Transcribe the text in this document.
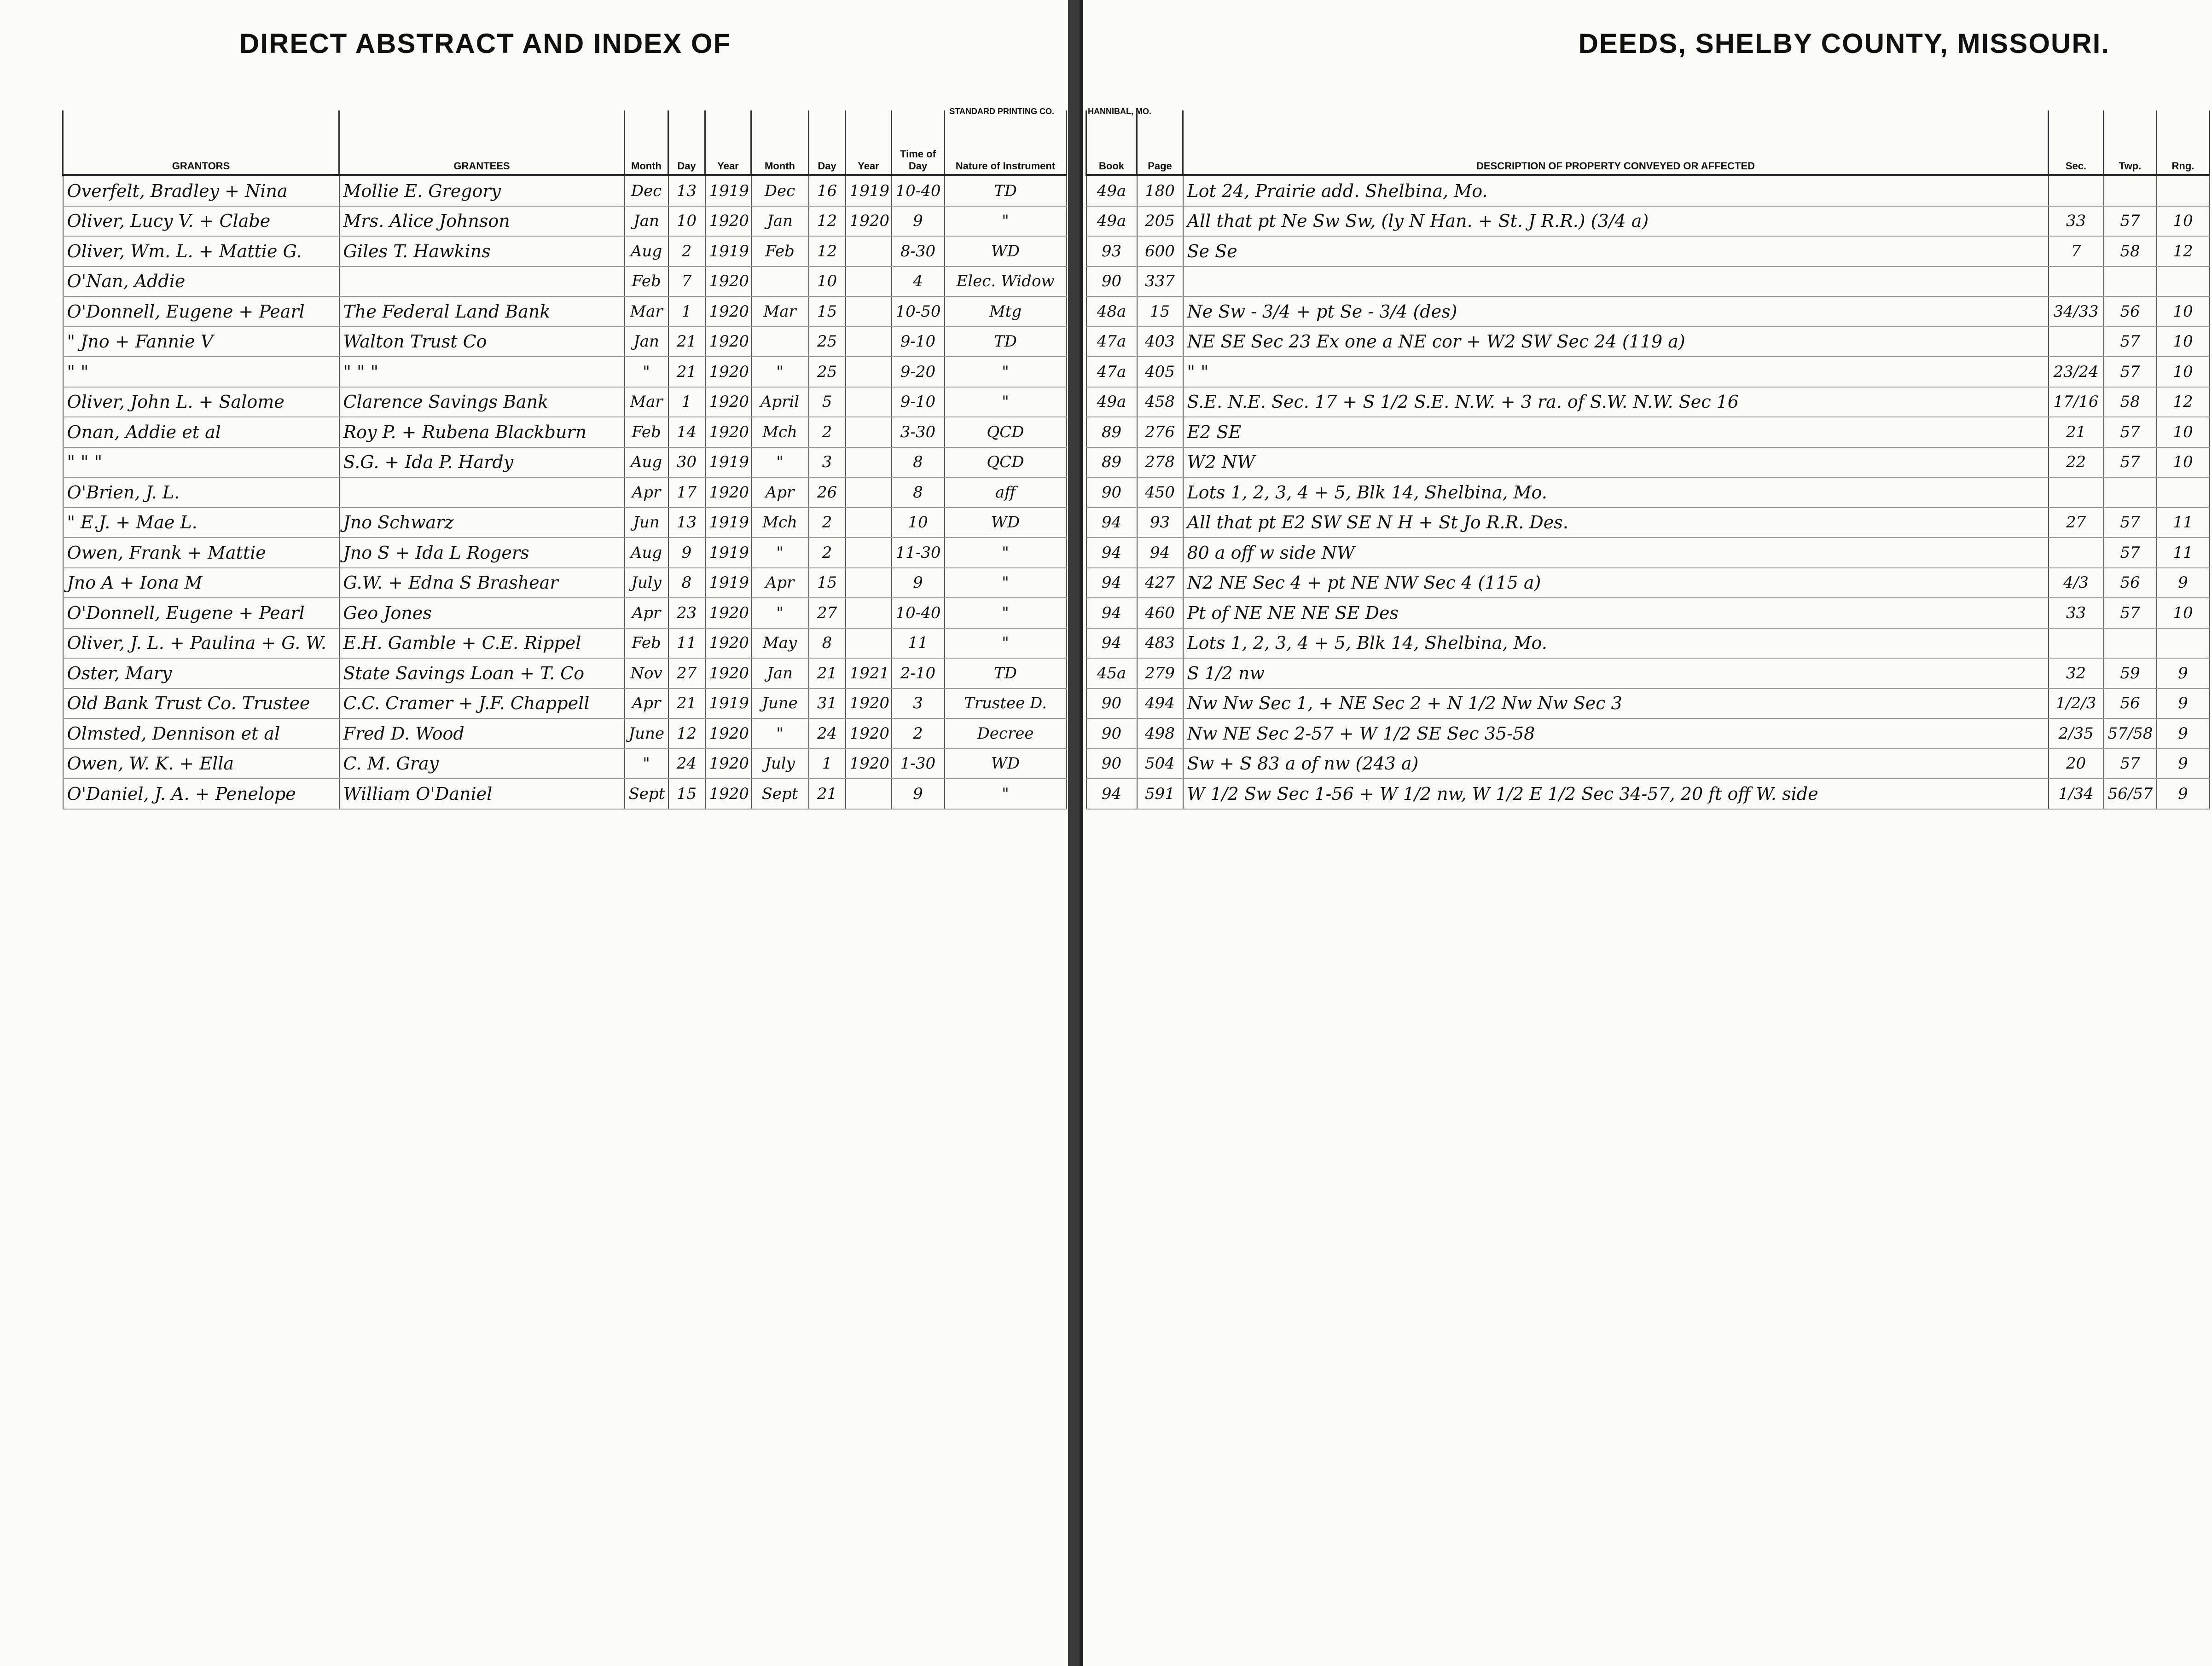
DIRECT ABSTRACT AND INDEX OF
STANDARD PRINTING CO.
GRANTORS	GRANTEES	Month	Day	Year	Month	Day	Year	Time of Day	Nature of Instrument
Overfelt, Bradley + Nina	Mollie E. Gregory	Dec	13	1919	Dec	16	1919	10-40	TD
Oliver, Lucy V. + Clabe	Mrs. Alice Johnson	Jan	10	1920	Jan	12	1920	9	"
Oliver, Wm. L. + Mattie G.	Giles T. Hawkins	Aug	2	1919	Feb	12		8-30	WD
O'Nan, Addie		Feb	7	1920		10		4	Elec. Widow
O'Donnell, Eugene + Pearl	The Federal Land Bank	Mar	1	1920	Mar	15		10-50	Mtg
" Jno + Fannie V	Walton Trust Co	Jan	21	1920		25		9-10	TD
" "	" " "	"	21	1920	"	25		9-20	"
Oliver, John L. + Salome	Clarence Savings Bank	Mar	1	1920	April	5		9-10	"
Onan, Addie et al	Roy P. + Rubena Blackburn	Feb	14	1920	Mch	2		3-30	QCD
" " "	S.G. + Ida P. Hardy	Aug	30	1919	"	3		8	QCD
O'Brien, J. L.		Apr	17	1920	Apr	26		8	aff
" E.J. + Mae L.	Jno Schwarz	Jun	13	1919	Mch	2		10	WD
Owen, Frank + Mattie	Jno S + Ida L Rogers	Aug	9	1919	"	2		11-30	"
Jno A + Iona M	G.W. + Edna S Brashear	July	8	1919	Apr	15		9	"
O'Donnell, Eugene + Pearl	Geo Jones	Apr	23	1920	"	27		10-40	"
Oliver, J. L. + Paulina + G. W.	E.H. Gamble + C.E. Rippel	Feb	11	1920	May	8		11	"
Oster, Mary	State Savings Loan + T. Co	Nov	27	1920	Jan	21	1921	2-10	TD
Old Bank Trust Co. Trustee	C.C. Cramer + J.F. Chappell	Apr	21	1919	June	31	1920	3	Trustee D.
Olmsted, Dennison et al	Fred D. Wood	June	12	1920	"	24	1920	2	Decree
Owen, W. K. + Ella	C. M. Gray	"	24	1920	July	1	1920	1-30	WD
O'Daniel, J. A. + Penelope	William O'Daniel	Sept	15	1920	Sept	21		9	"
DEEDS, SHELBY COUNTY, MISSOURI.
HANNIBAL, MO.
Book	Page	DESCRIPTION OF PROPERTY CONVEYED OR AFFECTED	Sec.	Twp.	Rng.
49a	180	Lot 24, Prairie add. Shelbina, Mo.			
49a	205	All that pt Ne Sw Sw, (ly N Han. + St. J R.R.) (3/4 a)	33	57	10
93	600	Se Se	7	58	12
90	337				
48a	15	Ne Sw - 3/4 + pt Se - 3/4 (des)	34/33	56	10
47a	403	NE SE Sec 23 Ex one a NE cor + W2 SW Sec 24 (119 a)		57	10
47a	405	" "	23/24	57	10
49a	458	S.E. N.E. Sec. 17 + S 1/2 S.E. N.W. + 3 ra. of S.W. N.W. Sec 16	17/16	58	12
89	276	E2 SE	21	57	10
89	278	W2 NW	22	57	10
90	450	Lots 1, 2, 3, 4 + 5, Blk 14, Shelbina, Mo.			
94	93	All that pt E2 SW SE N H + St Jo R.R. Des.	27	57	11
94	94	80 a off w side NW		57	11
94	427	N2 NE Sec 4 + pt NE NW Sec 4 (115 a)	4/3	56	9
94	460	Pt of NE NE NE SE Des	33	57	10
94	483	Lots 1, 2, 3, 4 + 5, Blk 14, Shelbina, Mo.			
45a	279	S 1/2 nw	32	59	9
90	494	Nw Nw Sec 1, + NE Sec 2 + N 1/2 Nw Nw Sec 3	1/2/3	56	9
90	498	Nw NE Sec 2-57 + W 1/2 SE Sec 35-58	2/35	57/58	9
90	504	Sw + S 83 a of nw (243 a)	20	57	9
94	591	W 1/2 Sw Sec 1-56 + W 1/2 nw, W 1/2 E 1/2 Sec 34-57, 20 ft off W. side	1/34	56/57	9
